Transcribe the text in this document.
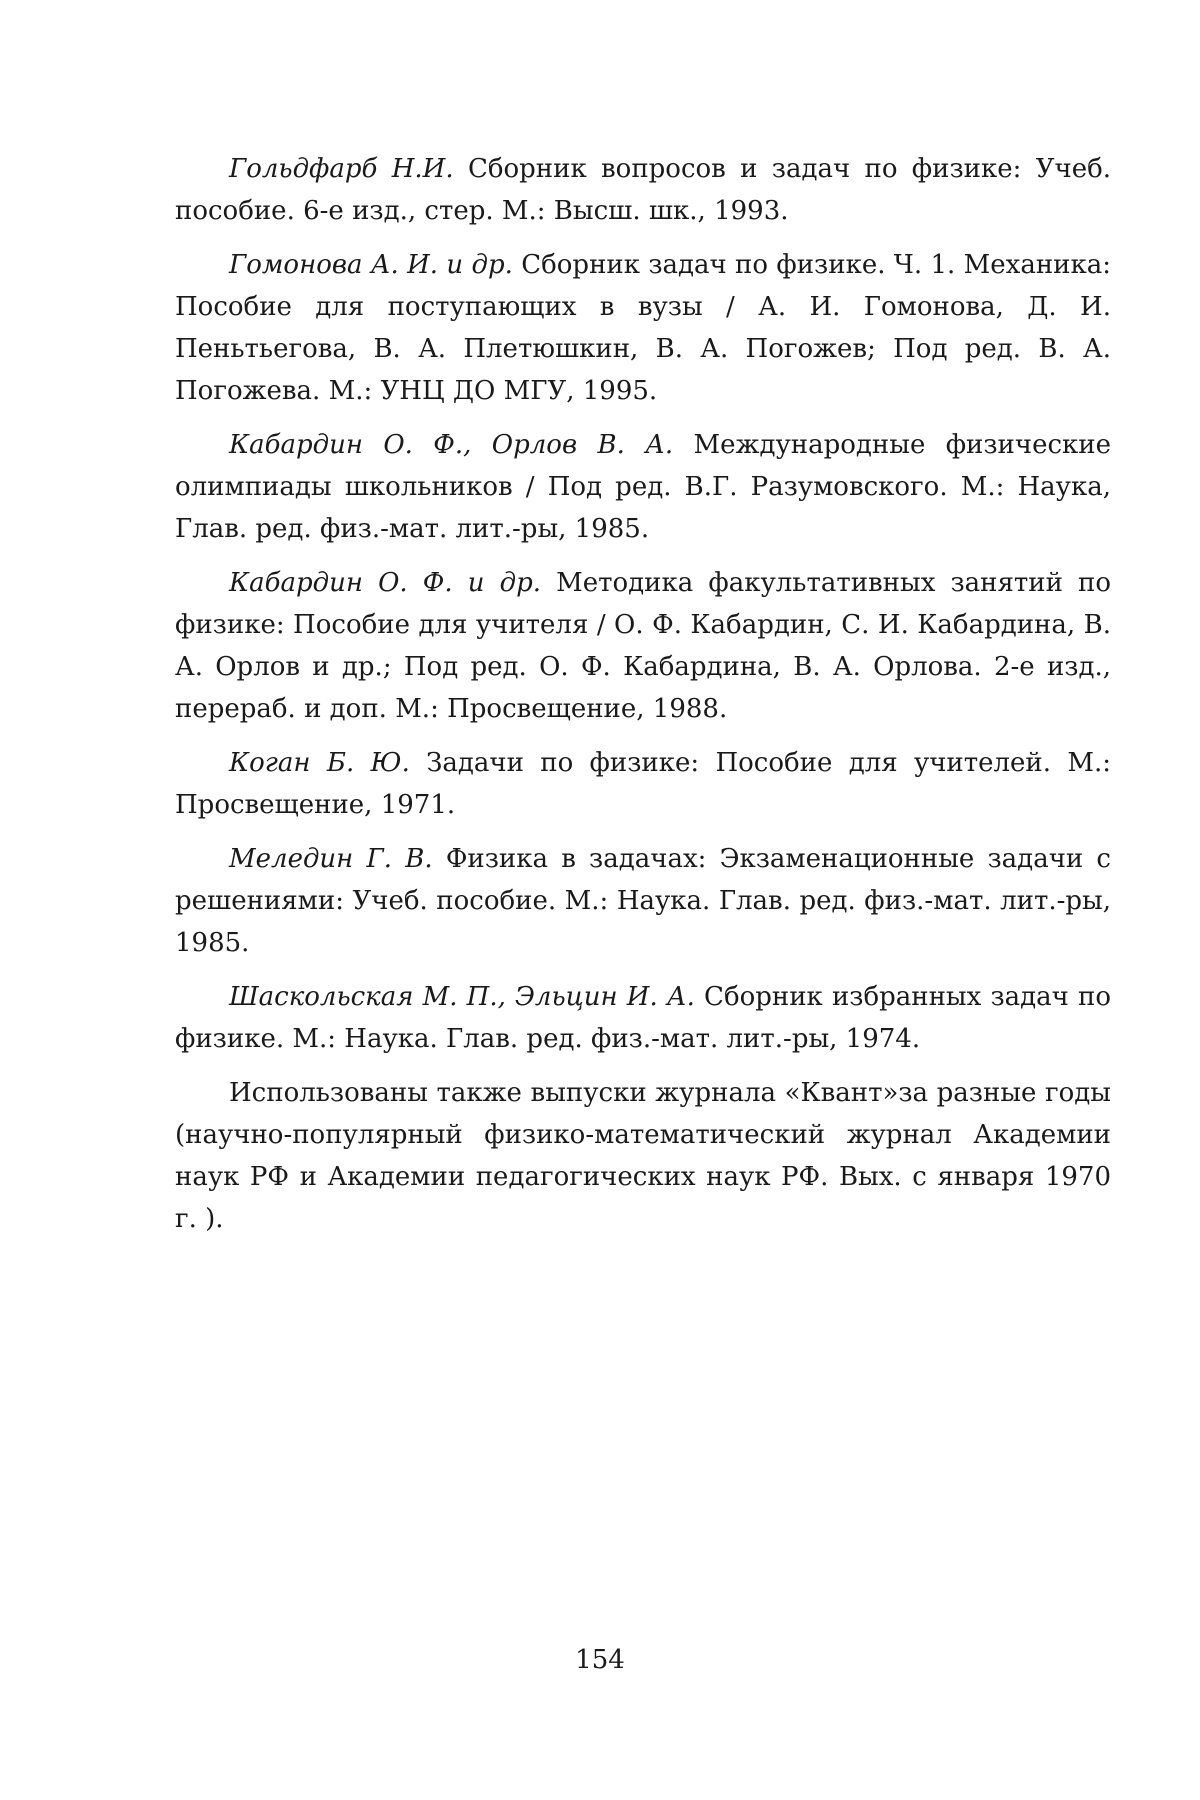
Гольдфарб Н.И. Сборник вопросов и задач по физике: Учеб. пособие. 6-е изд., стер. М.: Высш. шк., 1993.

Гомонова А. И. и др. Сборник задач по физике. Ч. 1. Механика: Пособие для поступающих в вузы / А. И. Гомонова, Д. И. Пеньтьегова, В. А. Плетюшкин, В. А. Погожев; Под ред. В. А. Погожева. М.: УНЦ ДО МГУ, 1995.

Кабардин О. Ф., Орлов В. А. Международные физические олимпиады школьников / Под ред. В.Г. Разумовского. М.: Наука, Глав. ред. физ.-мат. лит.-ры, 1985.

Кабардин О. Ф. и др. Методика факультативных занятий по физике: Пособие для учителя / О. Ф. Кабардин, С. И. Кабардина, В. А. Орлов и др.; Под ред. О. Ф. Кабардина, В. А. Орлова. 2-е изд., перераб. и доп. М.: Просвещение, 1988.

Коган Б. Ю. Задачи по физике: Пособие для учителей. М.: Просвещение, 1971.

Меледин Г. В. Физика в задачах: Экзаменационные задачи с решениями: Учеб. пособие. М.: Наука. Глав. ред. физ.-мат. лит.-ры, 1985.

Шаскольская М. П., Эльцин И. А. Сборник избранных задач по физике. М.: Наука. Глав. ред. физ.-мат. лит.-ры, 1974.

Использованы также выпуски журнала «Квант»за разные годы (научно-популярный физико-математический журнал Академии наук РФ и Академии педагогических наук РФ. Вых. с января 1970 г. ).

154
